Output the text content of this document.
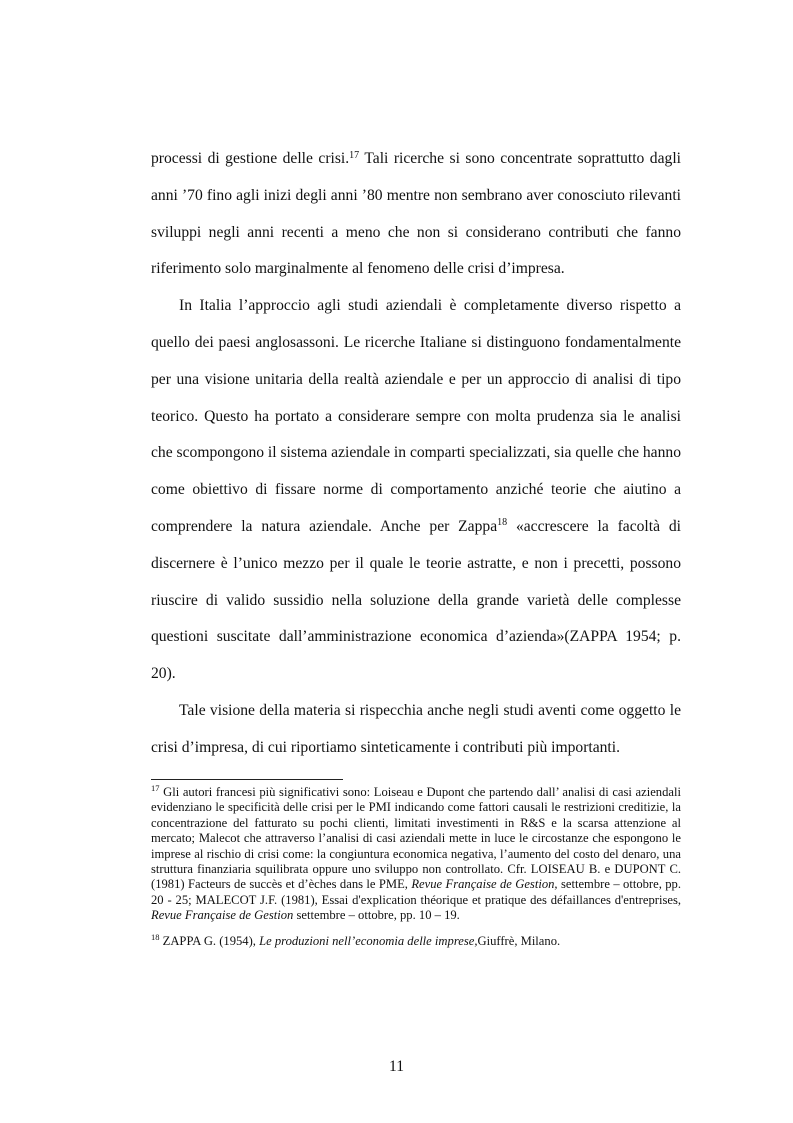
processi di gestione delle crisi.$^{17}$ Tali ricerche si sono concentrate soprattutto dagli anni ’70 fino agli inizi degli anni ’80 mentre non sembrano aver conosciuto rilevanti sviluppi negli anni recenti a meno che non si considerano contributi che fanno riferimento solo marginalmente al fenomeno delle crisi d’impresa.

In Italia l’approccio agli studi aziendali è completamente diverso rispetto a quello dei paesi anglosassoni. Le ricerche Italiane si distinguono fondamentalmente per una visione unitaria della realtà aziendale e per un approccio di analisi di tipo teorico. Questo ha portato a considerare sempre con molta prudenza sia le analisi che scompongono il sistema aziendale in comparti specializzati, sia quelle che hanno come obiettivo di fissare norme di comportamento anziché teorie che aiutino a comprendere la natura aziendale. Anche per Zappa$^{18}$ «accrescere la facoltà di discernere è l’unico mezzo per il quale le teorie astratte, e non i precetti, possono riuscire di valido sussidio nella soluzione della grande varietà delle complesse questioni suscitate dall’amministrazione economica d’azienda»(ZAPPA 1954; p. 20).

Tale visione della materia si rispecchia anche negli studi aventi come oggetto le crisi d’impresa, di cui riportiamo sinteticamente i contributi più importanti.

$^{17}$ Gli autori francesi più significativi sono: Loiseau e Dupont che partendo dall’ analisi di casi aziendali evidenziano le specificità delle crisi per le PMI indicando come fattori causali le restrizioni creditizie, la concentrazione del fatturato su pochi clienti, limitati investimenti in R&S e la scarsa attenzione al mercato; Malecot che attraverso l’analisi di casi aziendali mette in luce le circostanze che espongono le imprese al rischio di crisi come: la congiuntura economica negativa, l’aumento del costo del denaro, una struttura finanziaria squilibrata oppure uno sviluppo non controllato. Cfr. LOISEAU B. e DUPONT C. (1981) Facteurs de succès et d’èches dans le PME, Revue Française de Gestion, settembre – ottobre, pp. 20 - 25; MALECOT J.F. (1981), Essai d'explication théorique et pratique des défaillances d'entreprises, Revue Française de Gestion settembre – ottobre, pp. 10 – 19.

$^{18}$ ZAPPA G. (1954), Le produzioni nell’economia delle imprese,Giuffrè, Milano.

11
